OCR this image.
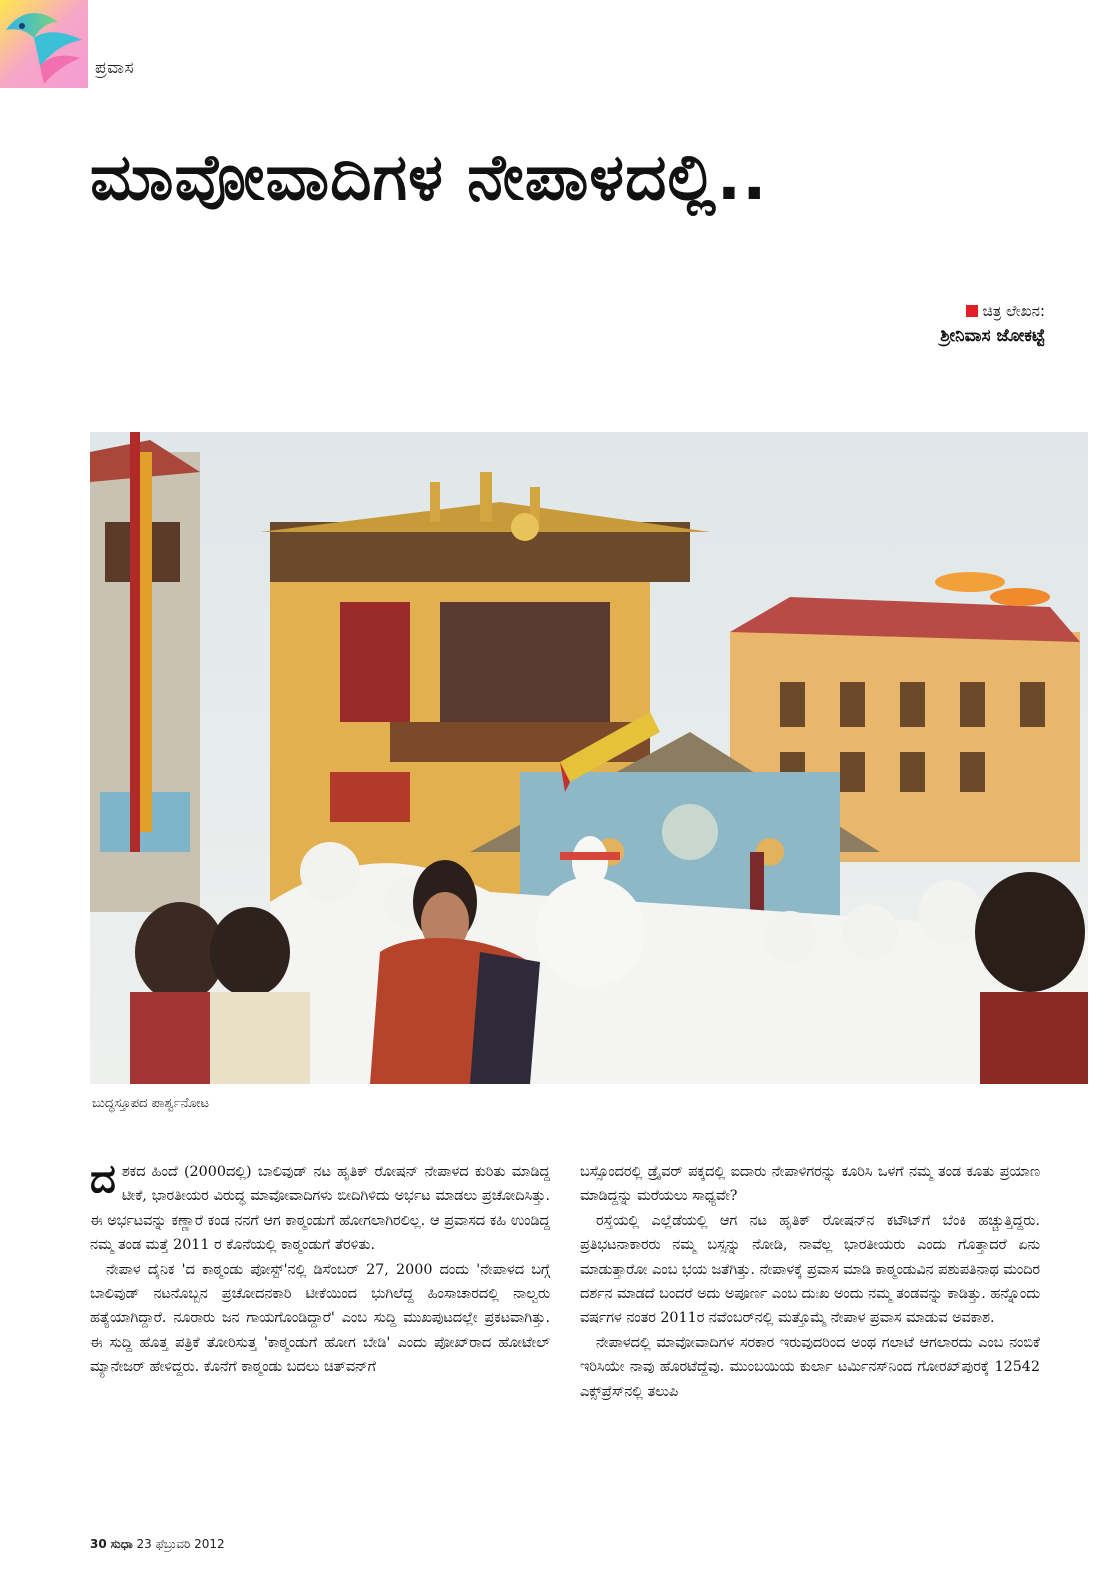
ಪ್ರವಾಸ
ಮಾವೋವಾದಿಗಳ ನೇಪಾಳದಲ್ಲಿ..
ಚಿತ್ರ ಲೇಖನ:
ಶ್ರೀನಿವಾಸ ಜೋಕಟ್ಟೆ
ಬುದ್ಧಸ್ತೂಪದ ಪಾರ್ಶ್ವನೋಟ

ದ ಶಕದ ಹಿಂದೆ (2000ದಲ್ಲಿ) ಬಾಲಿವುಡ್ ನಟ ಹೃತಿಕ್ ರೋಷನ್ ನೇಪಾಳದ ಕುರಿತು ಮಾಡಿದ್ದ ಟೀಕೆ, ಭಾರತೀಯರ ವಿರುದ್ಧ ಮಾವೋವಾದಿಗಳು ಬೀದಿಗಿಳಿದು ಅರ್ಭಟ ಮಾಡಲು ಪ್ರಚೋದಿಸಿತ್ತು. ಈ ಅರ್ಭಟವನ್ನು ಕಣ್ಣಾರೆ ಕಂಡ ನನಗೆ ಆಗ ಕಾಠ್ಮಂಡುಗೆ ಹೋಗಲಾಗಿರಲಿಲ್ಲ. ಆ ಪ್ರವಾಸದ ಕಹಿ ಉಂಡಿದ್ದ ನಮ್ಮ ತಂಡ ಮತ್ತೆ 2011 ರ ಕೊನೆಯಲ್ಲಿ ಕಾಠ್ಮಂಡುಗೆ ತೆರಳಿತು.

ನೇಪಾಳ ದೈನಿಕ 'ದ ಕಾಠ್ಮಂಡು ಪೋಸ್ಟ್'ನಲ್ಲಿ ಡಿಸೆಂಬರ್ 27, 2000 ದಂದು 'ನೇಪಾಳದ ಬಗ್ಗೆ ಬಾಲಿವುಡ್ ನಟನೊಬ್ಬನ ಪ್ರಚೋದನಕಾರಿ ಟೀಕೆಯಿಂದ ಭುಗಿಲೆದ್ದ ಹಿಂಸಾಚಾರದಲ್ಲಿ ನಾಲ್ವರು ಹತ್ಯೆಯಾಗಿದ್ದಾರೆ. ನೂರಾರು ಜನ ಗಾಯಗೊಂಡಿದ್ದಾರೆ' ಎಂಬ ಸುದ್ದಿ ಮುಖಪುಟದಲ್ಲೇ ಪ್ರಕಟವಾಗಿತ್ತು. ಈ ಸುದ್ದಿ ಹೊತ್ತ ಪತ್ರಿಕೆ ತೋರಿಸುತ್ತ 'ಕಾಠ್ಮಂಡುಗೆ ಹೋಗ ಬೇಡಿ' ಎಂದು ಪೋಖ್‌ರಾದ ಹೋಟೇಲ್ ಮ್ಯಾನೇಜರ್ ಹೇಳಿದ್ದರು. ಕೊನೆಗೆ ಕಾಠ್ಮಂಡು ಬದಲು ಚಿತ್‌ವನ್‌ಗೆ

ಬಸ್ಸೊಂದರಲ್ಲಿ ಡ್ರೈವರ್ ಪಕ್ಕದಲ್ಲಿ ಐದಾರು ನೇಪಾಳಿಗರನ್ನು ಕೂರಿಸಿ ಒಳಗೆ ನಮ್ಮ ತಂಡ ಕೂತು ಪ್ರಯಾಣ ಮಾಡಿದ್ದನ್ನು ಮರೆಯಲು ಸಾಧ್ಯವೇ?

ರಸ್ತೆಯಲ್ಲಿ ಎಲ್ಲೆಡೆಯಲ್ಲಿ ಆಗ ನಟ ಹೃತಿಕ್ ರೋಷನ್‌ನ ಕಟೌಟ್‌ಗೆ ಬೆಂಕಿ ಹಚ್ಚುತ್ತಿದ್ದರು. ಪ್ರತಿಭಟನಾಕಾರರು ನಮ್ಮ ಬಸ್ಸನ್ನು ನೋಡಿ, ನಾವೆಲ್ಲ ಭಾರತೀಯರು ಎಂದು ಗೊತ್ತಾದರೆ ಏನು ಮಾಡುತ್ತಾರೋ ಎಂಬ ಭಯ ಜತೆಗಿತ್ತು. ನೇಪಾಳಕ್ಕೆ ಪ್ರವಾಸ ಮಾಡಿ ಕಾಠ್ಮಂಡುವಿನ ಪಶುಪತಿನಾಥ ಮಂದಿರ ದರ್ಶನ ಮಾಡದೆ ಬಂದರೆ ಅದು ಅಪೂರ್ಣ ಎಂಬ ದುಃಖ ಅಂದು ನಮ್ಮ ತಂಡವನ್ನು ಕಾಡಿತ್ತು. ಹನ್ನೊಂದು ವರ್ಷಗಳ ನಂತರ 2011ರ ನವೆಂಬರ್‌ನಲ್ಲಿ ಮತ್ತೊಮ್ಮೆ ನೇಪಾಳ ಪ್ರವಾಸ ಮಾಡುವ ಅವಕಾಶ.

ನೇಪಾಳದಲ್ಲಿ ಮಾವೋವಾದಿಗಳ ಸರಕಾರ ಇರುವುದರಿಂದ ಅಂಥ ಗಲಾಟೆ ಆಗಲಾರದು ಎಂಬ ನಂಬಿಕೆ ಇರಿಸಿಯೇ ನಾವು ಹೊರಟೆದ್ದೆವು. ಮುಂಬಯಿಯ ಕುರ್ಲಾ ಟರ್ಮಿನಸ್‌ನಿಂದ ಗೋರಖ್‌ಪುರಕ್ಕೆ 12542 ಎಕ್ಸ್‌ಪ್ರೆಸ್‌ನಲ್ಲಿ ತಲುಪಿ

30 ಸುಧಾ 23 ಫೆಬ್ರುವರಿ 2012
